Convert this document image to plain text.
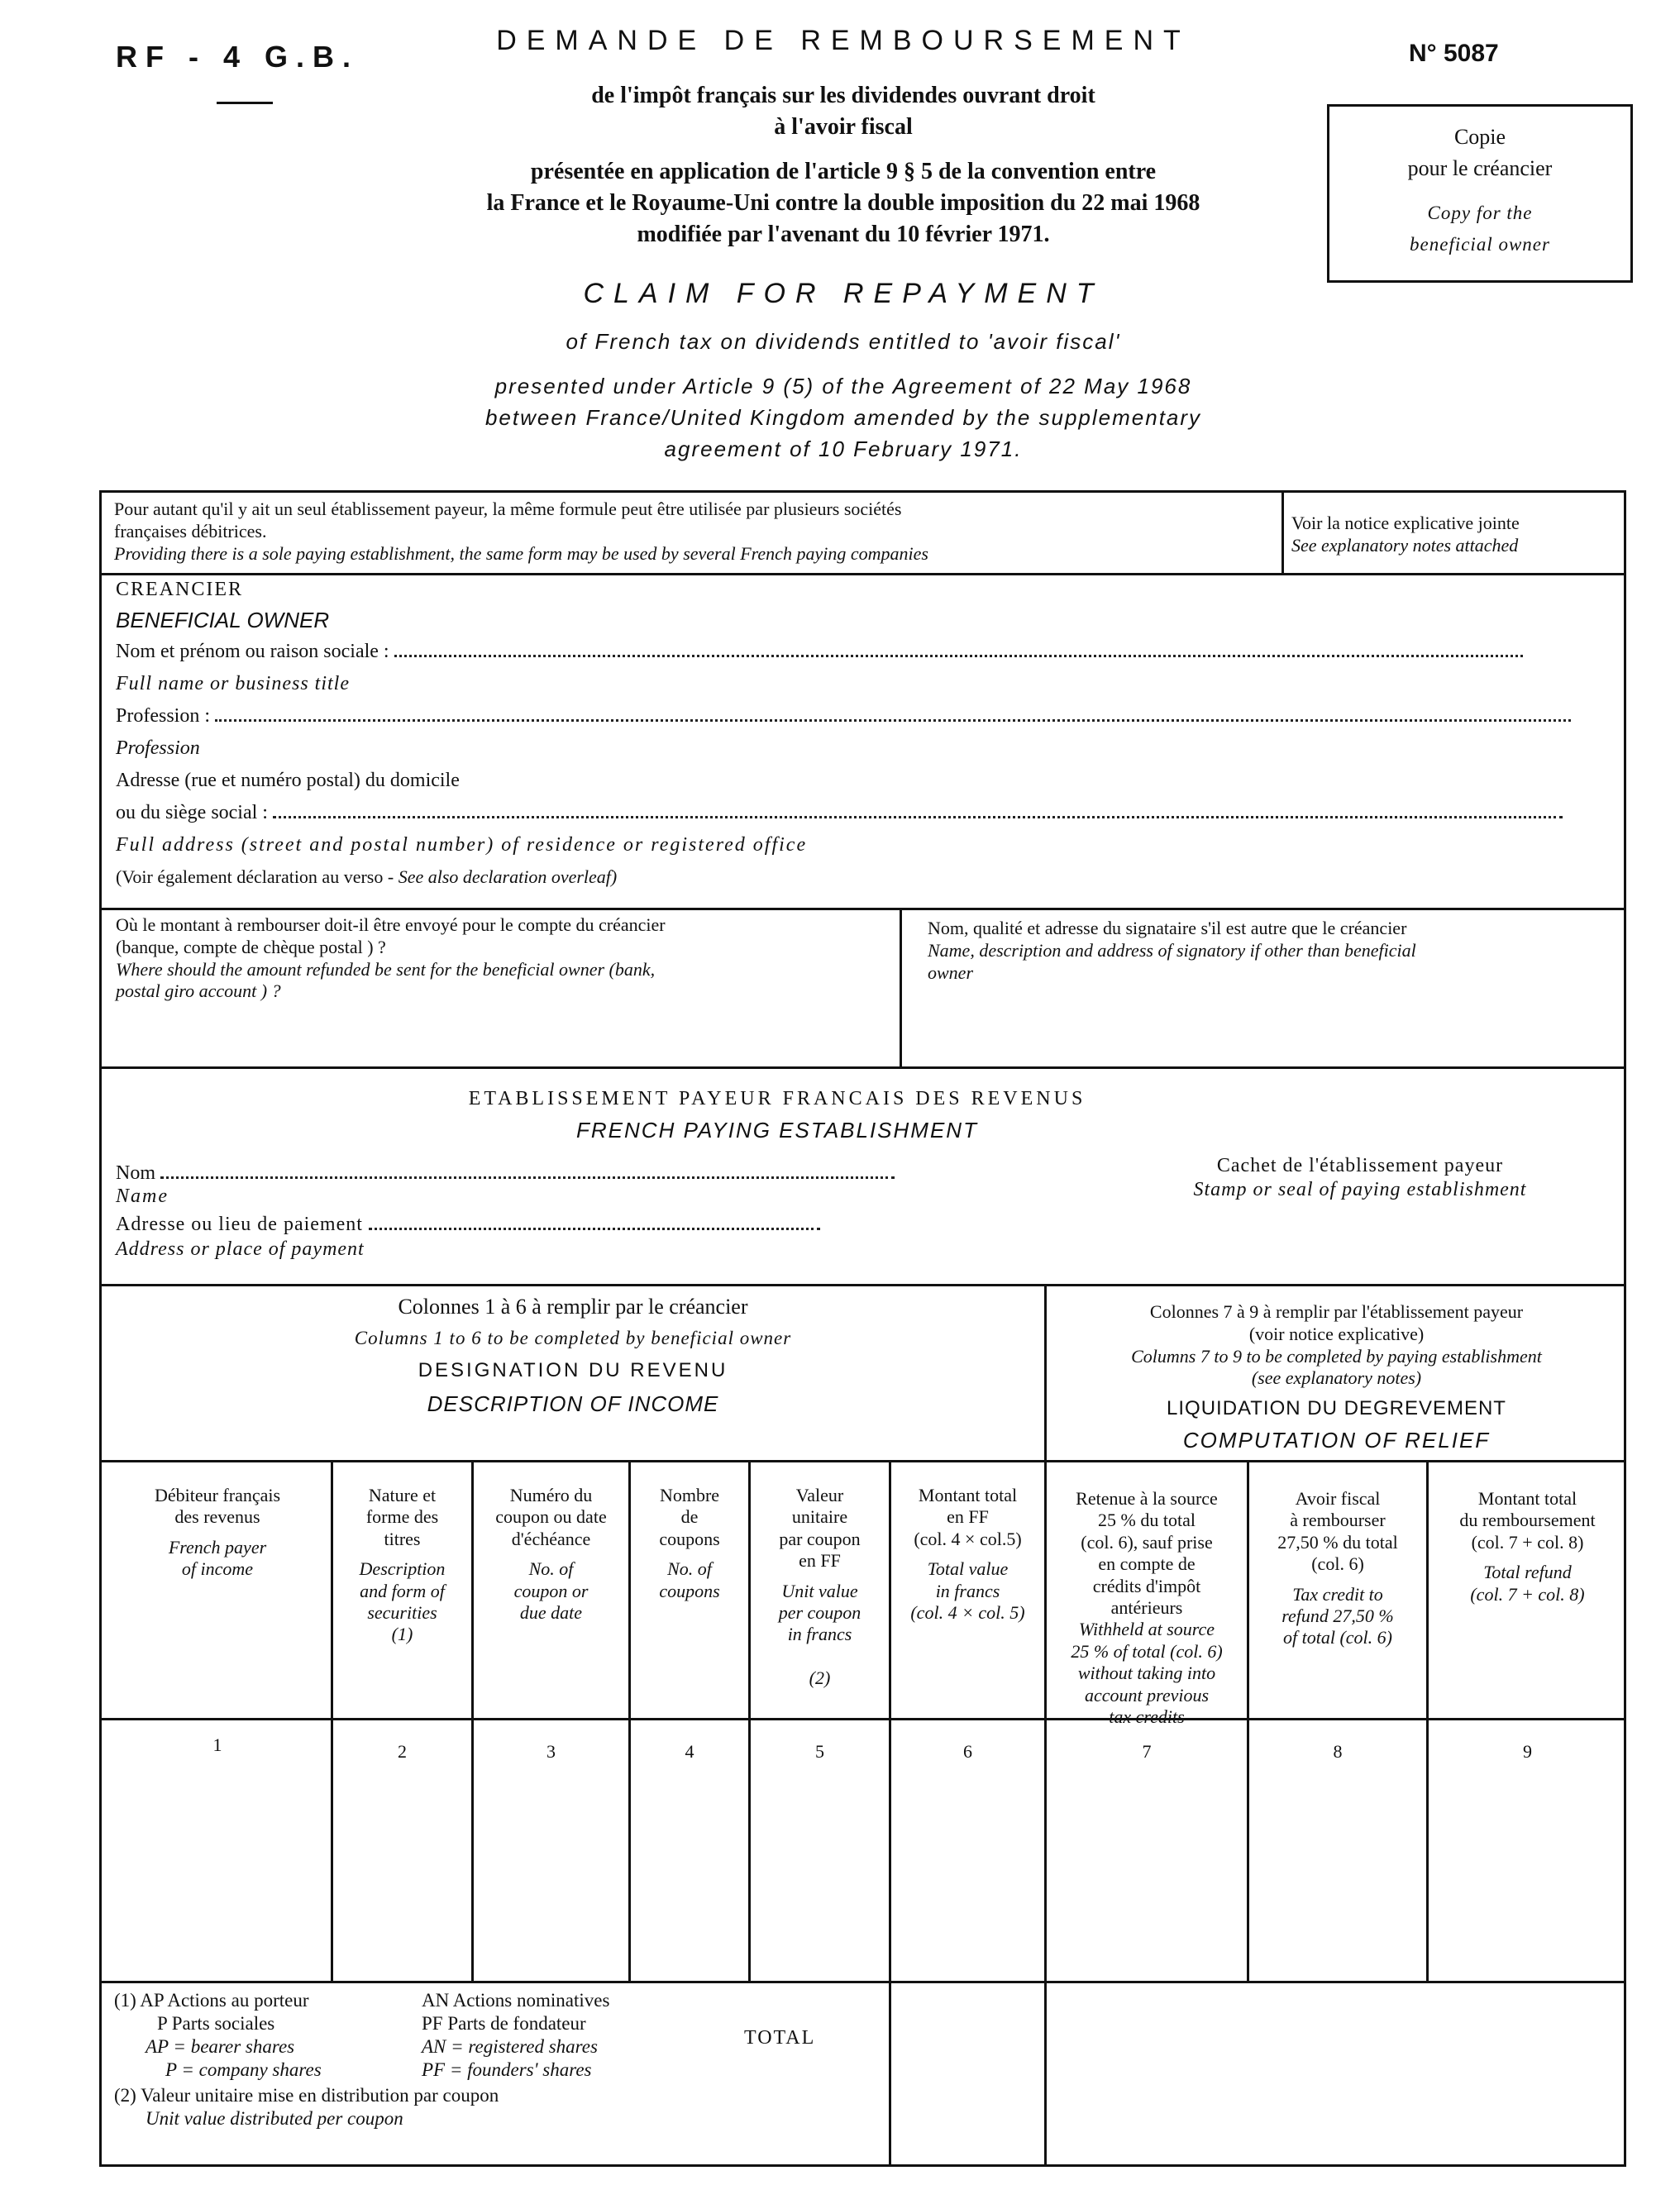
RF - 4 G.B.	DEMANDE DE REMBOURSEMENT	N° 5087
de l'impôt français sur les dividendes ouvrant droit
à l'avoir fiscal
présentée en application de l'article 9 § 5 de la convention entre
la France et le Royaume-Uni contre la double imposition du 22 mai 1968
modifiée par l'avenant du 10 février 1971.
CLAIM FOR REPAYMENT
of French tax on dividends entitled to 'avoir fiscal'
presented under Article 9 (5) of the Agreement of 22 May 1968
between France/United Kingdom amended by the supplementary
agreement of 10 February 1971.
Copie
pour le créancier
Copy for the
beneficial owner
Pour autant qu'il y ait un seul établissement payeur, la même formule peut être utilisée par plusieurs sociétés
françaises débitrices.
Providing there is a sole paying establishment, the same form may be used by several French paying companies
Voir la notice explicative jointe
See explanatory notes attached
CREANCIER
BENEFICIAL OWNER
Nom et prénom ou raison sociale :
Full name or business title
Profession :
Profession
Adresse (rue et numéro postal) du domicile
ou du siège social :
Full address (street and postal number) of residence or registered office
(Voir également déclaration au verso - See also declaration overleaf)
Où le montant à rembourser doit-il être envoyé pour le compte du créancier
(banque, compte de chèque postal ) ?
Where should the amount refunded be sent for the beneficial owner (bank,
postal giro account ) ?
Nom, qualité et adresse du signataire s'il est autre que le créancier
Name, description and address of signatory if other than beneficial
owner
ETABLISSEMENT PAYEUR FRANCAIS DES REVENUS
FRENCH PAYING ESTABLISHMENT
Nom
Name
Adresse ou lieu de paiement
Address or place of payment
Cachet de l'établissement payeur
Stamp or seal of paying establishment
Colonnes 1 à 6 à remplir par le créancier
Columns 1 to 6 to be completed by beneficial owner
DESIGNATION DU REVENU
DESCRIPTION OF INCOME
Colonnes 7 à 9 à remplir par l'établissement payeur
(voir notice explicative)
Columns 7 to 9 to be completed by paying establishment
(see explanatory notes)
LIQUIDATION DU DEGREVEMENT
COMPUTATION OF RELIEF
Débiteur français
des revenus
French payer
of income
1
Nature et
forme des
titres
Description
and form of
securities
(1)
2
Numéro du
coupon ou date
d'échéance
No. of
coupon or
due date
3
Nombre
de
coupons
No. of
coupons
4
Valeur
unitaire
par coupon
en FF
Unit value
per coupon
in francs
(2)
5
Montant total
en FF
(col. 4 × col.5)
Total value
in francs
(col. 4 × col. 5)
6
Retenue à la source
25 % du total
(col. 6), sauf prise
en compte de
crédits d'impôt
antérieurs
Withheld at source
25 % of total (col. 6)
without taking into
account previous
tax credits
7
Avoir fiscal
à rembourser
27,50 % du total
(col. 6)
Tax credit to
refund 27,50 %
of total (col. 6)
8
Montant total
du remboursement
(col. 7 + col. 8)
Total refund
(col. 7 + col. 8)
9
(1) AP Actions au porteur
P Parts sociales
AP = bearer shares
P = company shares
AN Actions nominatives
PF Parts de fondateur
AN = registered shares
PF = founders' shares
(2) Valeur unitaire mise en distribution par coupon
Unit value distributed per coupon
TOTAL
